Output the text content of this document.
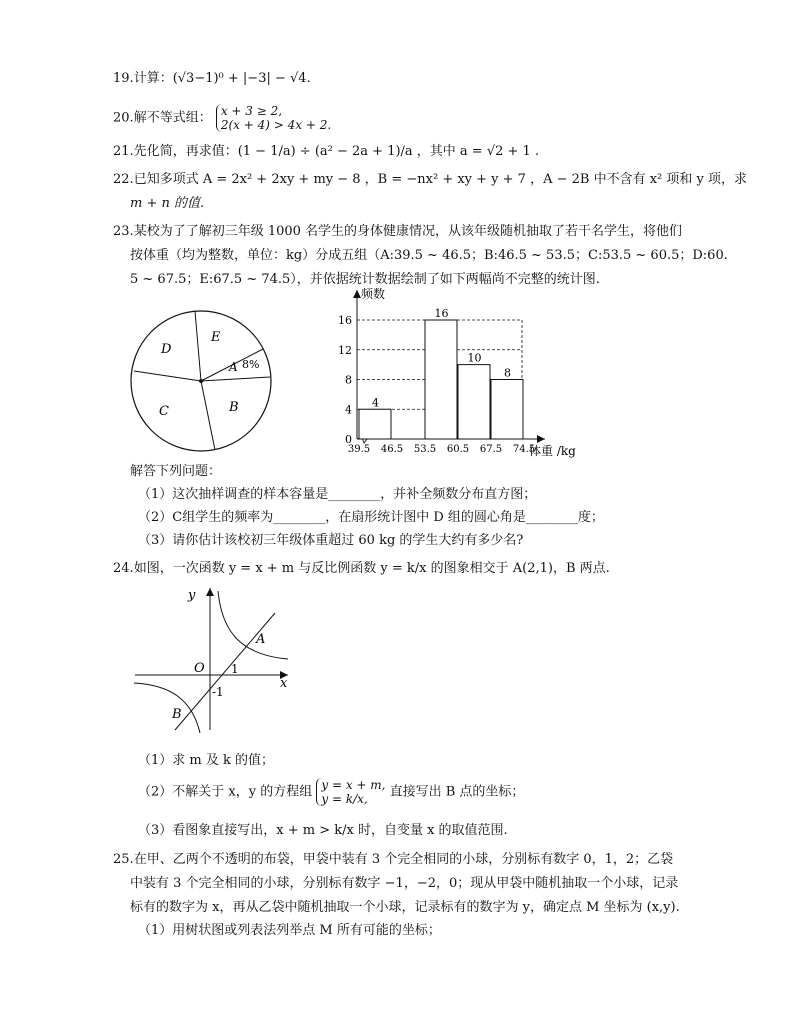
19.计算：(√3−1)⁰ + |−3| − √4.
20.解不等式组： x + 3 ≥ 2,
2(x + 4) > 4x + 2.
21.先化简，再求值：(1 − 1/a) ÷ (a² − 2a + 1)/a ，其中 a = √2 + 1 .
22.已知多项式 A = 2x² + 2xy + my − 8 ，B = −nx² + xy + y + 7 ，A − 2B 中不含有 x² 项和 y 项，求
m + n 的值.
23.某校为了了解初三年级 1000 名学生的身体健康情况，从该年级随机抽取了若干名学生，将他们
按体重（均为整数，单位：kg）分成五组（A:39.5 ~ 46.5；B:46.5 ~ 53.5；C:53.5 ~ 60.5；D:60.
5 ~ 67.5；E:67.5 ~ 74.5），并依据统计数据绘制了如下两幅尚不完整的统计图.
D
E
A 8%
C	B
频数
体重 /kg
0
4
8
12
16
4
16
10
8
39.5 46.5 53.5 60.5 67.5 74.5
解答下列问题：
（1）这次抽样调查的样本容量是________，并补全频数分布直方图；
（2）C组学生的频率为________，在扇形统计图中 D 组的圆心角是________度；
（3）请你估计该校初三年级体重超过 60 kg 的学生大约有多少名?
24.如图，一次函数 y = x + m 与反比例函数 y = k/x 的图象相交于 A(2,1)，B 两点.
y
x
O 1
-1
A
B
（1）求 m 及 k 的值；
（2）不解关于 x，y 的方程组 y = x + m,
y = k/x, 直接写出 B 点的坐标；
（3）看图象直接写出，x + m > k/x 时，自变量 x 的取值范围.
25.在甲、乙两个不透明的布袋，甲袋中装有 3 个完全相同的小球，分别标有数字 0，1，2；乙袋
中装有 3 个完全相同的小球，分别标有数字 −1，−2，0；现从甲袋中随机抽取一个小球，记录
标有的数字为 x，再从乙袋中随机抽取一个小球，记录标有的数字为 y，确定点 M 坐标为 (x,y).
（1）用树状图或列表法列举点 M 所有可能的坐标；
